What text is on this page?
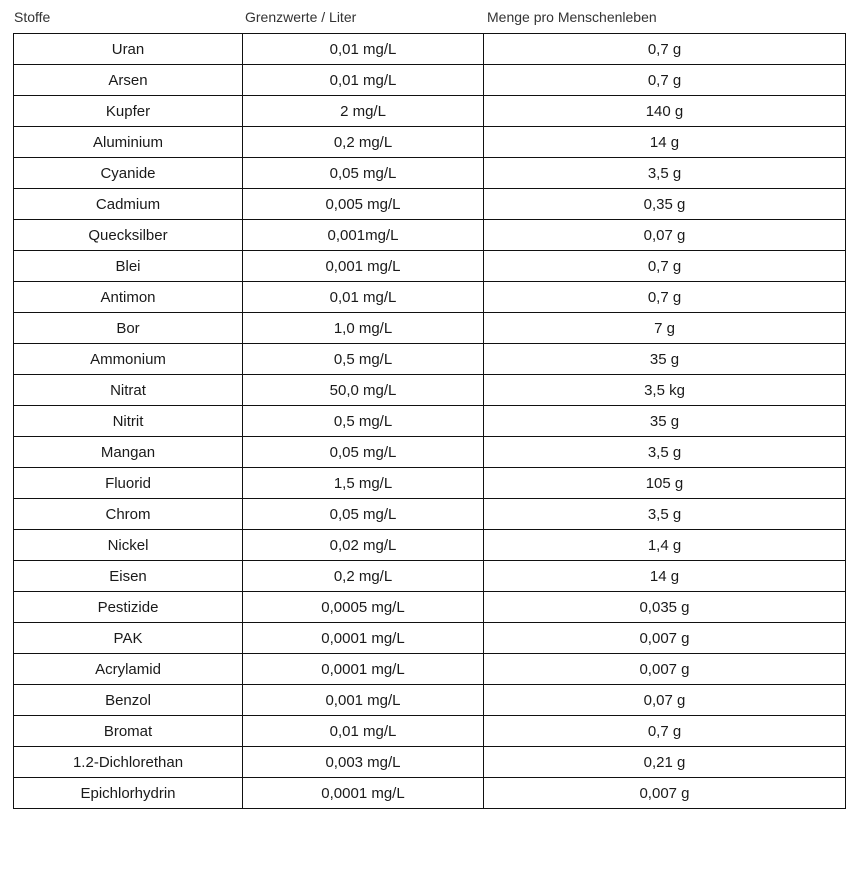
Stoffe	Grenzwerte / Liter	Menge pro Menschenleben
Uran	0,01 mg/L	0,7 g
Arsen	0,01 mg/L	0,7 g
Kupfer	2 mg/L	140 g
Aluminium	0,2 mg/L	14 g
Cyanide	0,05 mg/L	3,5 g
Cadmium	0,005 mg/L	0,35 g
Quecksilber	0,001mg/L	0,07 g
Blei	0,001 mg/L	0,7 g
Antimon	0,01 mg/L	0,7 g
Bor	1,0 mg/L	7 g
Ammonium	0,5 mg/L	35 g
Nitrat	50,0 mg/L	3,5 kg
Nitrit	0,5 mg/L	35 g
Mangan	0,05 mg/L	3,5 g
Fluorid	1,5 mg/L	105 g
Chrom	0,05 mg/L	3,5 g
Nickel	0,02 mg/L	1,4 g
Eisen	0,2 mg/L	14 g
Pestizide	0,0005 mg/L	0,035 g
PAK	0,0001 mg/L	0,007 g
Acrylamid	0,0001 mg/L	0,007 g
Benzol	0,001 mg/L	0,07 g
Bromat	0,01 mg/L	0,7 g
1.2-Dichlorethan	0,003 mg/L	0,21 g
Epichlorhydrin	0,0001 mg/L	0,007 g
